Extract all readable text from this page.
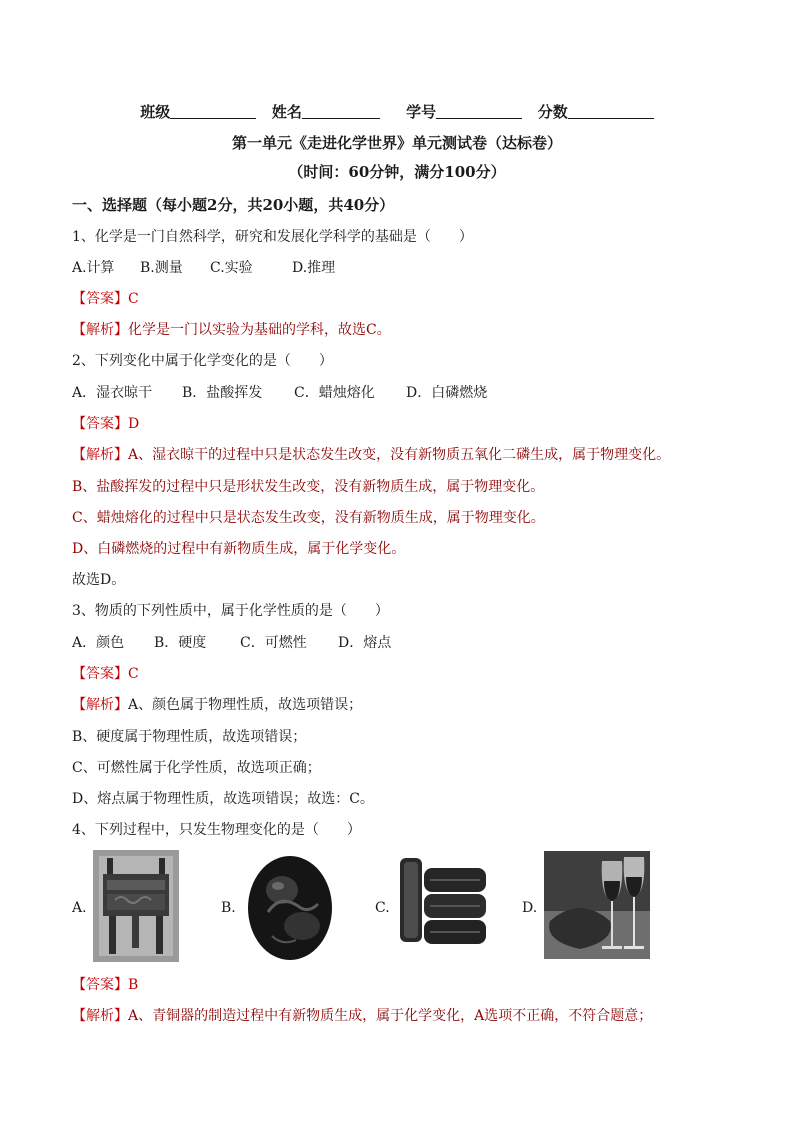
班级	姓名	学号	分数
第一单元《走进化学世界》单元测试卷（达标卷）
（时间：60分钟，满分100分）
一、选择题（每小题2分，共20小题，共40分）
1、化学是一门自然科学，研究和发展化学科学的基础是（　　）
A.计算 B.测量 C.实验	D.推理
【答案】C
【解析】化学是一门以实验为基础的学科，故选C。
2、下列变化中属于化学变化的是（　　）
A．湿衣晾干 B．盐酸挥发 C．蜡烛熔化 D．白磷燃烧
【答案】D
【解析】A、湿衣晾干的过程中只是状态发生改变，没有新物质五氧化二磷生成，属于物理变化。
B、盐酸挥发的过程中只是形状发生改变，没有新物质生成，属于物理变化。
C、蜡烛熔化的过程中只是状态发生改变，没有新物质生成，属于物理变化。
D、白磷燃烧的过程中有新物质生成，属于化学变化。
故选D。
3、物质的下列性质中，属于化学性质的是（　　）
A．颜色 B．硬度 C．可燃性 D．熔点
【答案】C
【解析】A、颜色属于物理性质，故选项错误；
B、硬度属于物理性质，故选项错误；
C、可燃性属于化学性质，故选项正确；
D、熔点属于物理性质，故选项错误；故选：C。
4、下列过程中，只发生物理变化的是（　　）
A.	B.	C.	D.
【答案】B
【解析】A、青铜器的制造过程中有新物质生成，属于化学变化，A选项不正确，不符合题意；
